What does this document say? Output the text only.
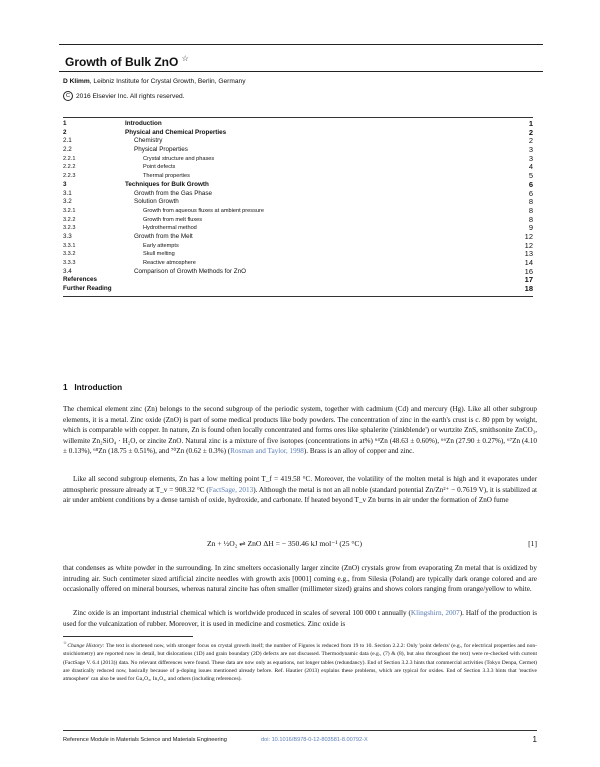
Growth of Bulk ZnO ☆
D Klimm, Leibniz Institute for Crystal Growth, Berlin, Germany
C 2016 Elsevier Inc. All rights reserved.
1	Introduction	1
2	Physical and Chemical Properties	2
2.1	Chemistry	2
2.2	Physical Properties	3
2.2.1	Crystal structure and phases	3
2.2.2	Point defects	4
2.2.3	Thermal properties	5
3	Techniques for Bulk Growth	6
3.1	Growth from the Gas Phase	6
3.2	Solution Growth	8
3.2.1	Growth from aqueous fluxes at ambient pressure	8
3.2.2	Growth from melt fluxes	8
3.2.3	Hydrothermal method	9
3.3	Growth from the Melt	12
3.3.1	Early attempts	12
3.3.2	Skull melting	13
3.3.3	Reactive atmosphere	14
3.4	Comparison of Growth Methods for ZnO	16
References	17
Further Reading	18
1 Introduction
The chemical element zinc (Zn) belongs to the second subgroup of the periodic system, together with cadmium (Cd) and mercury (Hg). Like all other subgroup elements, it is a metal. Zinc oxide (ZnO) is part of some medical products like body powders. The concentration of zinc in the earth's crust is c. 80 ppm by weight, which is comparable with copper. In nature, Zn is found often locally concentrated and forms ores like sphalerite ('zinkblende') or wurtzite ZnS, smithsonite ZnCO₃, willemite Zn₂SiO₄ · H₂O, or zincite ZnO. Natural zinc is a mixture of five isotopes (concentrations in at%) ⁶⁴Zn (48.63 ± 0.60%), ⁶⁶Zn (27.90 ± 0.27%), ⁶⁷Zn (4.10 ± 0.13%), ⁶⁸Zn (18.75 ± 0.51%), and ⁷⁰Zn (0.62 ± 0.3%) (Rosman and Taylor, 1998). Brass is an alloy of copper and zinc.
Like all second subgroup elements, Zn has a low melting point T_f = 419.58 °C. Moreover, the volatility of the molten metal is high and it evaporates under atmospheric pressure already at T_v = 908.32 °C (FactSage, 2013). Although the metal is not an all noble (standard potential Zn/Zn²⁺ − 0.7619 V), it is stabilized at air under ambient conditions by a dense tarnish of oxide, hydroxide, and carbonate. If heated beyond T_v Zn burns in air under the formation of ZnO fume
Zn + ½O₂ ⇌ ZnO ΔH = − 350.46 kJ mol⁻¹ (25 °C)	[1]
that condenses as white powder in the surrounding. In zinc smelters occasionally larger zincite (ZnO) crystals grow from evaporating Zn metal that is oxidized by intruding air. Such centimeter sized artificial zincite needles with growth axis [0001] coming e.g., from Silesia (Poland) are typically dark orange colored and are occasionally offered on mineral bourses, whereas natural zincite has often smaller (millimeter sized) grains and shows colors ranging from orange/yellow to white.
Zinc oxide is an important industrial chemical which is worldwide produced in scales of several 100 000 t annually (Klingshirn, 2007). Half of the production is used for the vulcanization of rubber. Moreover, it is used in medicine and cosmetics. Zinc oxide is
☆Change History: The text is shortened now, with stronger focus on crystal growth itself; the number of Figures is reduced from 19 to 10. Section 2.2.2: Only 'point defects' (e.g., for electrical properties and non-stoichiometry) are reported now in detail, but dislocations (1D) and grain boundary (2D) defects are not discussed. Thermodynamic data (e.g., (7) & (8), but also throughout the text) were re-checked with current (FactSage V. 6.4 (2013)) data. No relevant differences were found. These data are now only as equations, not longer tables (redundancy). End of Section 3.2.3 hints that commercial activities (Tokyo Denpa, Cermet) are drastically reduced now, basically because of p-doping issues mentioned already before. Ref. Hautier (2013) explains these problems, which are typical for oxides. End of Section 3.3.3 hints that 'reactive atmosphere' can also be used for Ga₂O₃, In₂O₃, and others (including references).
Reference Module in Materials Science and Materials Engineering	doi: 10.1016/B978-0-12-803581-8.00792-X	1
